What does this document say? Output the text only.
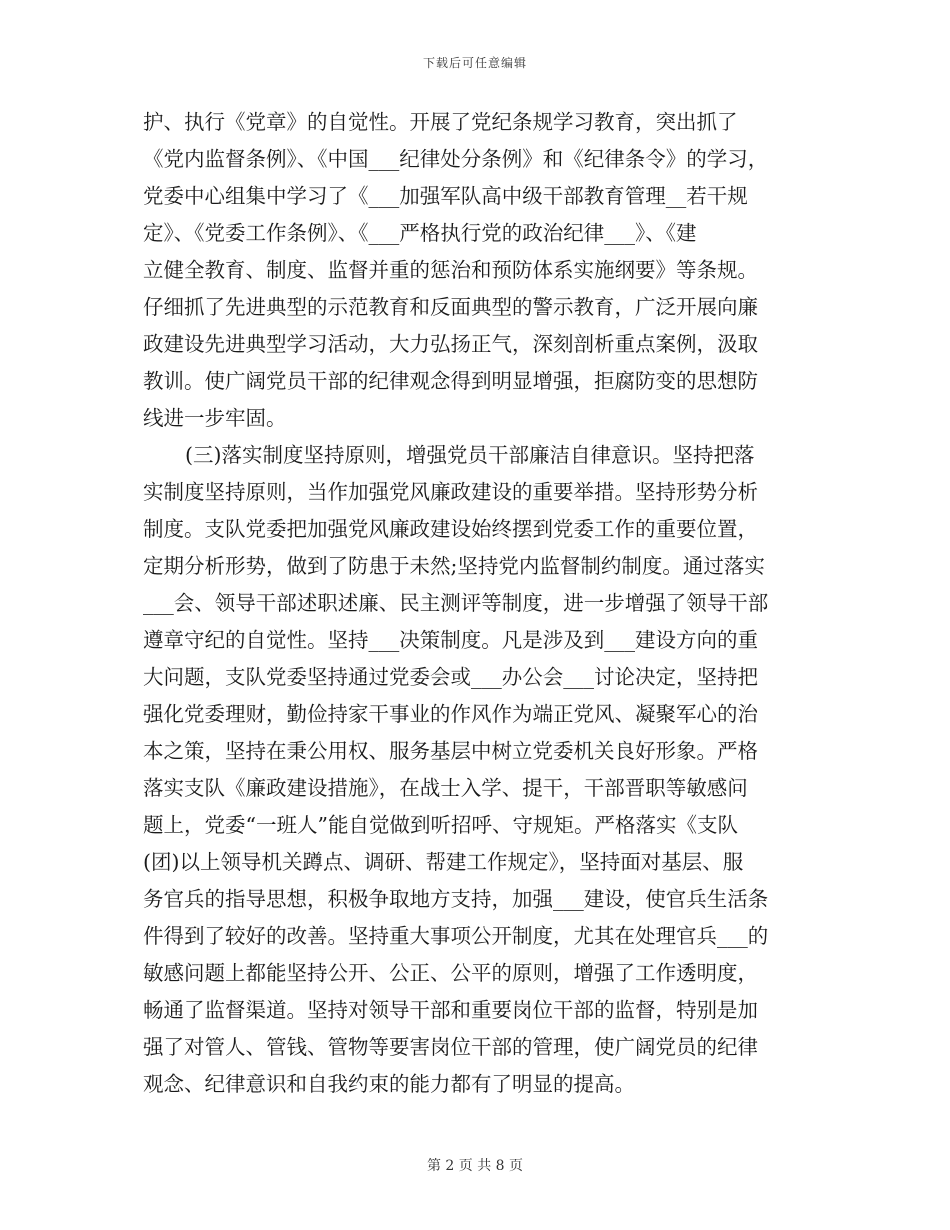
下载后可任意编辑
护、执行《党章》的自觉性。开展了党纪条规学习教育，突出抓了
《党内监督条例》、《中国___纪律处分条例》和《纪律条令》的学习，
党委中心组集中学习了《___加强军队高中级干部教育管理__若干规
定》、《党委工作条例》、《___严格执行党的政治纪律___》、《建
立健全教育、制度、监督并重的惩治和预防体系实施纲要》等条规。
仔细抓了先进典型的示范教育和反面典型的警示教育，广泛开展向廉
政建设先进典型学习活动，大力弘扬正气，深刻剖析重点案例，汲取
教训。使广阔党员干部的纪律观念得到明显增强，拒腐防变的思想防
线进一步牢固。
(三)落实制度坚持原则，增强党员干部廉洁自律意识。坚持把落
实制度坚持原则，当作加强党风廉政建设的重要举措。坚持形势分析
制度。支队党委把加强党风廉政建设始终摆到党委工作的重要位置，
定期分析形势，做到了防患于未然;坚持党内监督制约制度。通过落实
___会、领导干部述职述廉、民主测评等制度，进一步增强了领导干部
遵章守纪的自觉性。坚持___决策制度。凡是涉及到___建设方向的重
大问题，支队党委坚持通过党委会或___办公会___讨论决定，坚持把
强化党委理财，勤俭持家干事业的作风作为端正党风、凝聚军心的治
本之策，坚持在秉公用权、服务基层中树立党委机关良好形象。严格
落实支队《廉政建设措施》，在战士入学、提干，干部晋职等敏感问
题上，党委“一班人”能自觉做到听招呼、守规矩。严格落实《支队
(团)以上领导机关蹲点、调研、帮建工作规定》，坚持面对基层、服
务官兵的指导思想，积极争取地方支持，加强___建设，使官兵生活条
件得到了较好的改善。坚持重大事项公开制度，尤其在处理官兵___的
敏感问题上都能坚持公开、公正、公平的原则，增强了工作透明度，
畅通了监督渠道。坚持对领导干部和重要岗位干部的监督，特别是加
强了对管人、管钱、管物等要害岗位干部的管理，使广阔党员的纪律
观念、纪律意识和自我约束的能力都有了明显的提高。
第 2 页 共 8 页
